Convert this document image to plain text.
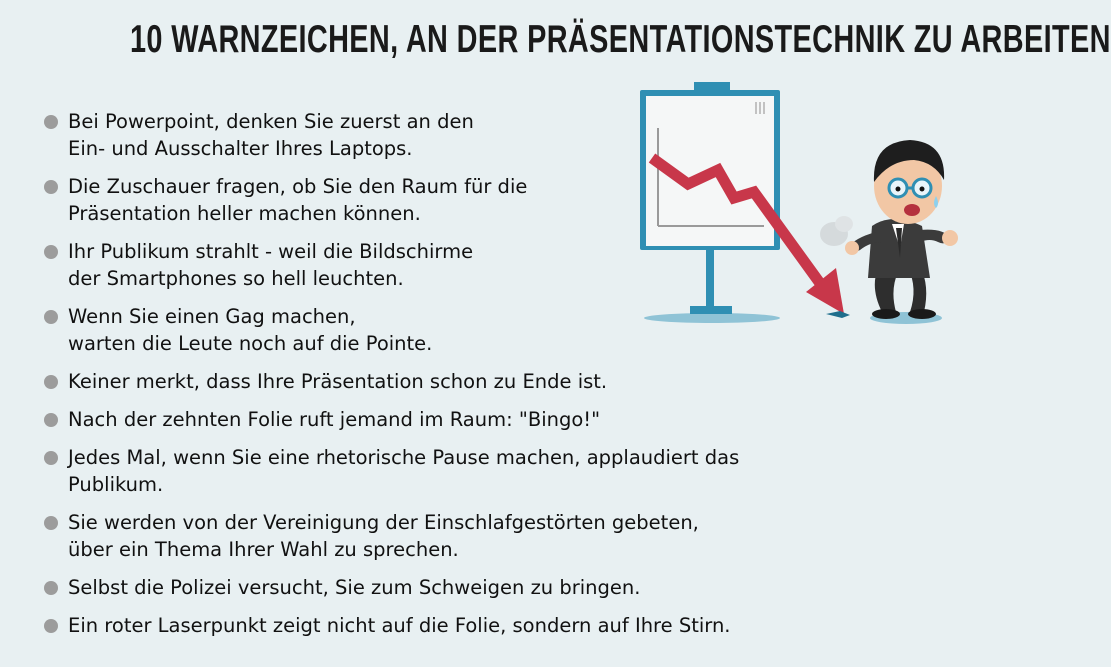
10 WARNZEICHEN, AN DER PRÄSENTATIONSTECHNIK ZU ARBEITEN
Bei Powerpoint, denken Sie zuerst an den
Ein- und Ausschalter Ihres Laptops.
Die Zuschauer fragen, ob Sie den Raum für die
Präsentation heller machen können.
Ihr Publikum strahlt - weil die Bildschirme
der Smartphones so hell leuchten.
Wenn Sie einen Gag machen,
warten die Leute noch auf die Pointe.
Keiner merkt, dass Ihre Präsentation schon zu Ende ist.
Nach der zehnten Folie ruft jemand im Raum: "Bingo!"
Jedes Mal, wenn Sie eine rhetorische Pause machen, applaudiert das
Publikum.
Sie werden von der Vereinigung der Einschlafgestörten gebeten,
über ein Thema Ihrer Wahl zu sprechen.
Selbst die Polizei versucht, Sie zum Schweigen zu bringen.
Ein roter Laserpunkt zeigt nicht auf die Folie, sondern auf Ihre Stirn.
